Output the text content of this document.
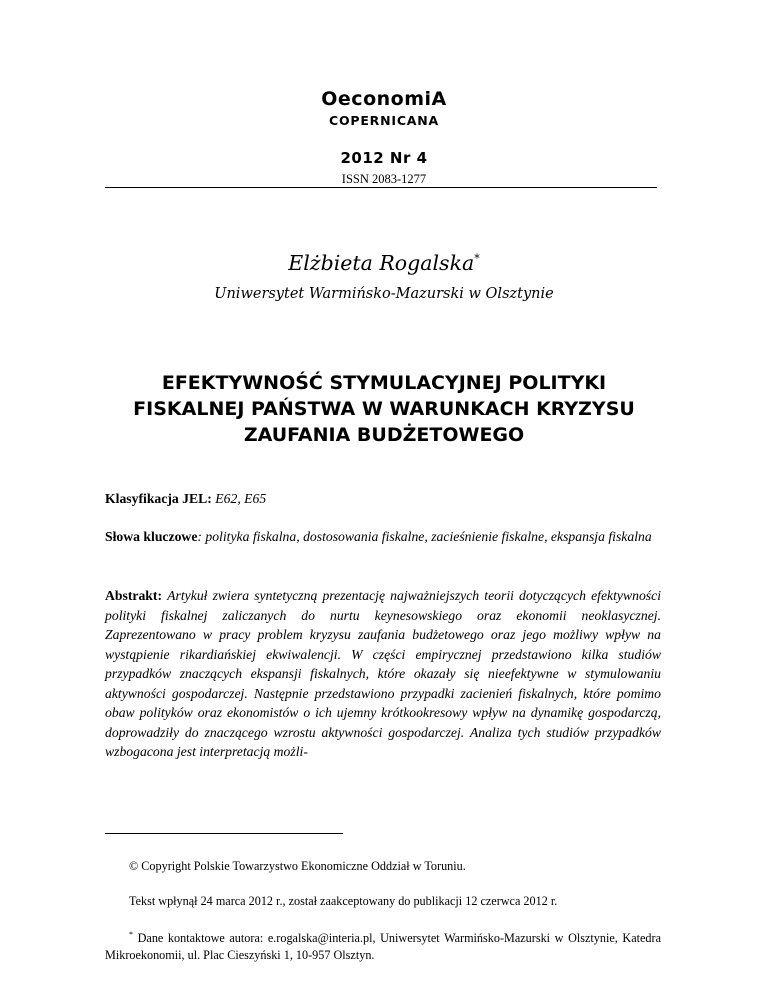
OeconomiA
COPERNICANA
2012 Nr 4
ISSN 2083-1277
Elżbieta Rogalska*
Uniwersytet Warmińsko-Mazurski w Olsztynie
EFEKTYWNOŚĆ STYMULACYJNEJ POLITYKI
FISKALNEJ PAŃSTWA W WARUNKACH KRYZYSU
ZAUFANIA BUDŻETOWEGO
Klasyfikacja JEL: E62, E65
Słowa kluczowe: polityka fiskalna, dostosowania fiskalne, zacieśnienie fiskalne, ekspansja fiskalna
Abstrakt: Artykuł zwiera syntetyczną prezentację najważniejszych teorii dotyczących efektywności polityki fiskalnej zaliczanych do nurtu keynesowskiego oraz ekonomii neoklasycznej. Zaprezentowano w pracy problem kryzysu zaufania budżetowego oraz jego możliwy wpływ na wystąpienie rikardiańskiej ekwiwalencji. W części empirycznej przedstawiono kilka studiów przypadków znaczących ekspansji fiskalnych, które okazały się nieefektywne w stymulowaniu aktywności gospodarczej. Następnie przedstawiono przypadki zacienień fiskalnych, które pomimo obaw polityków oraz ekonomistów o ich ujemny krótkookresowy wpływ na dynamikę gospodarczą, doprowadziły do znaczącego wzrostu aktywności gospodarczej. Analiza tych studiów przypadków wzbogacona jest interpretacją możli-
© Copyright Polskie Towarzystwo Ekonomiczne Oddział w Toruniu.
Tekst wpłynął 24 marca 2012 r., został zaakceptowany do publikacji 12 czerwca 2012 r.
* Dane kontaktowe autora: e.rogalska@interia.pl, Uniwersytet Warmińsko-Mazurski w Olsztynie, Katedra Mikroekonomii, ul. Plac Cieszyński 1, 10-957 Olsztyn.
